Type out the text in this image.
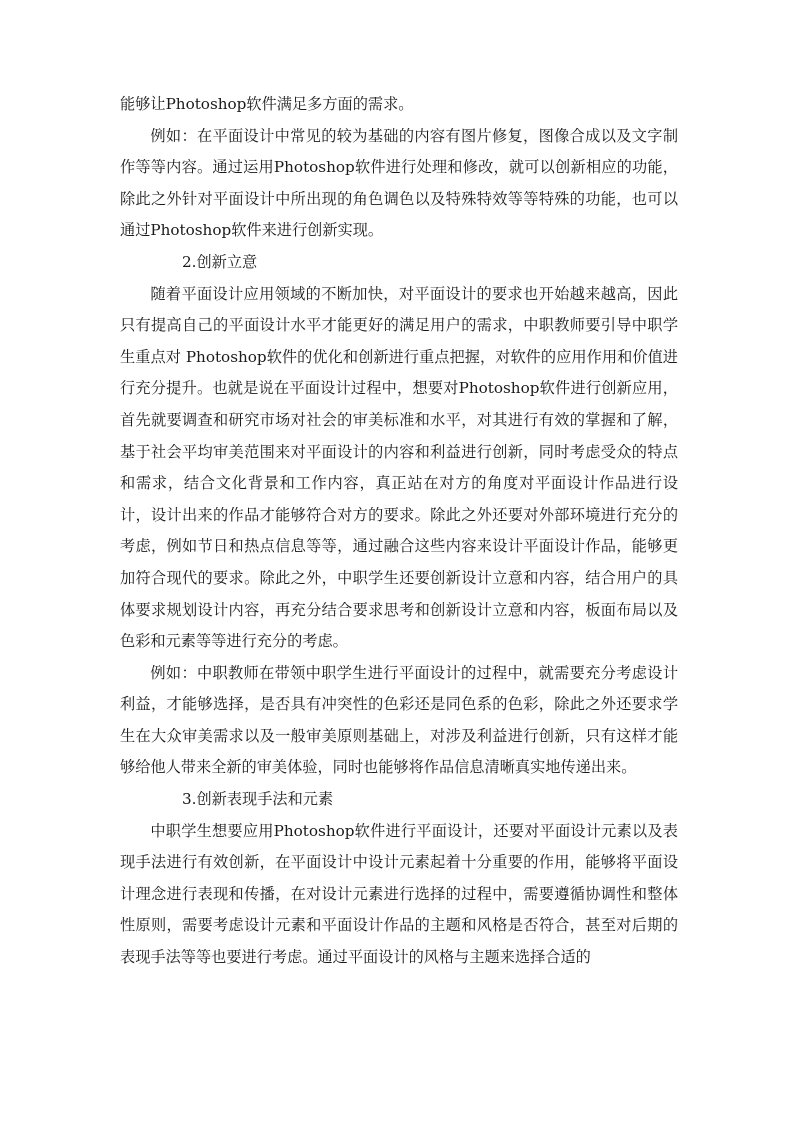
能够让Photoshop软件满足多方面的需求。

例如：在平面设计中常见的较为基础的内容有图片修复，图像合成以及文字制作等等内容。通过运用Photoshop软件进行处理和修改，就可以创新相应的功能，除此之外针对平面设计中所出现的角色调色以及特殊特效等等特殊的功能，也可以通过Photoshop软件来进行创新实现。

2.创新立意

随着平面设计应用领域的不断加快，对平面设计的要求也开始越来越高，因此只有提高自己的平面设计水平才能更好的满足用户的需求，中职教师要引导中职学生重点对 Photoshop软件的优化和创新进行重点把握，对软件的应用作用和价值进行充分提升。也就是说在平面设计过程中，想要对Photoshop软件进行创新应用，首先就要调查和研究市场对社会的审美标准和水平，对其进行有效的掌握和了解，基于社会平均审美范围来对平面设计的内容和利益进行创新，同时考虑受众的特点和需求，结合文化背景和工作内容，真正站在对方的角度对平面设计作品进行设计，设计出来的作品才能够符合对方的要求。除此之外还要对外部环境进行充分的考虑，例如节日和热点信息等等，通过融合这些内容来设计平面设计作品，能够更加符合现代的要求。除此之外，中职学生还要创新设计立意和内容，结合用户的具体要求规划设计内容，再充分结合要求思考和创新设计立意和内容，板面布局以及色彩和元素等等进行充分的考虑。

例如：中职教师在带领中职学生进行平面设计的过程中，就需要充分考虑设计利益，才能够选择，是否具有冲突性的色彩还是同色系的色彩，除此之外还要求学生在大众审美需求以及一般审美原则基础上，对涉及利益进行创新，只有这样才能够给他人带来全新的审美体验，同时也能够将作品信息清晰真实地传递出来。

3.创新表现手法和元素

中职学生想要应用Photoshop软件进行平面设计，还要对平面设计元素以及表现手法进行有效创新，在平面设计中设计元素起着十分重要的作用，能够将平面设计理念进行表现和传播，在对设计元素进行选择的过程中，需要遵循协调性和整体性原则，需要考虑设计元素和平面设计作品的主题和风格是否符合，甚至对后期的表现手法等等也要进行考虑。通过平面设计的风格与主题来选择合适的
